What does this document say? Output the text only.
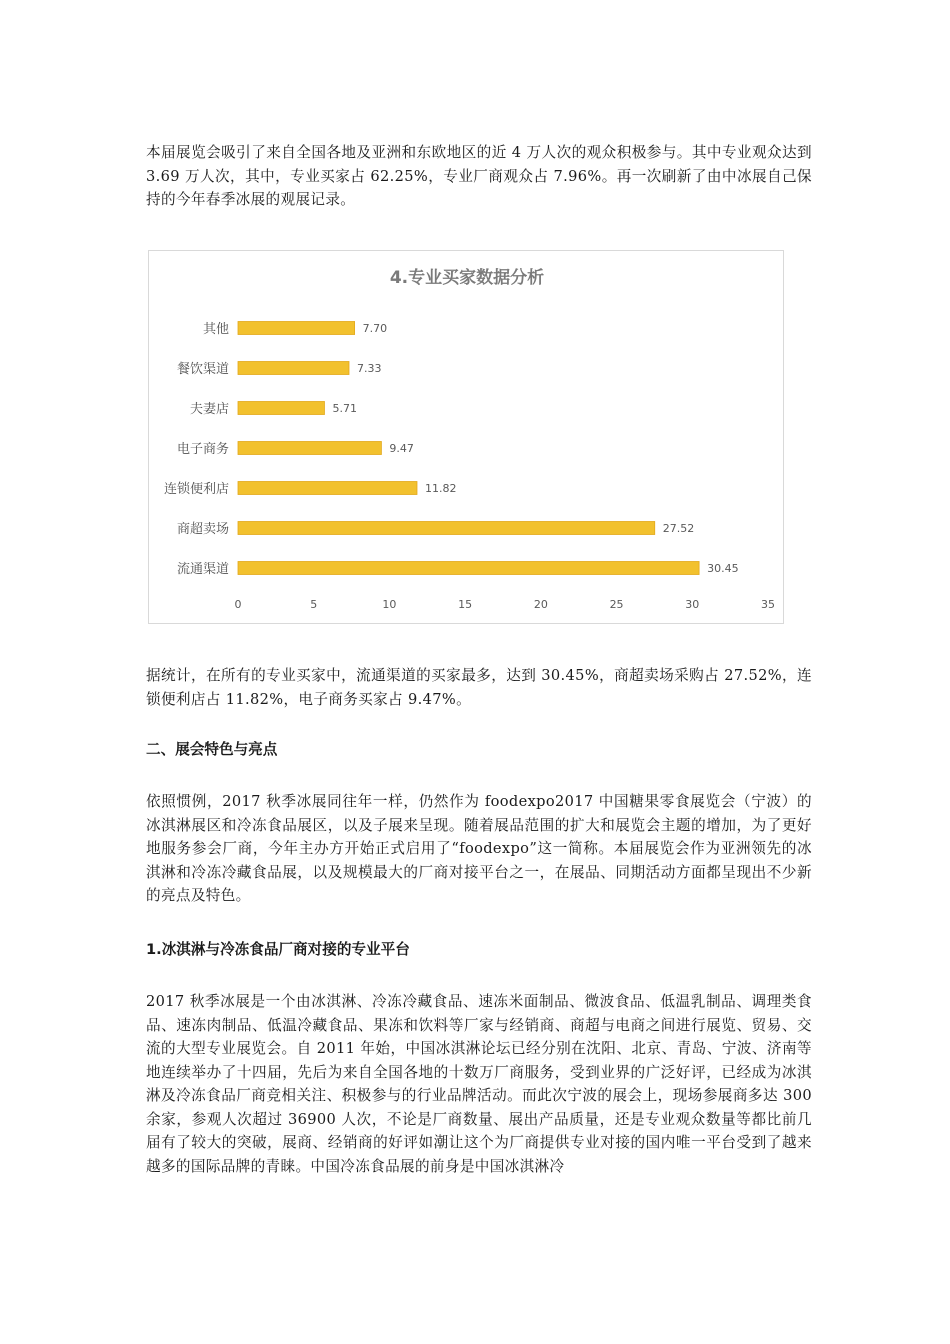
本届展览会吸引了来自全国各地及亚洲和东欧地区的近 4 万人次的观众积极参与。其中专业观众达到 3.69 万人次，其中，专业买家占 62.25%，专业厂商观众占 7.96%。再一次刷新了由中冰展自己保持的今年春季冰展的观展记录。

4.专业买家数据分析
其他	7.70
餐饮渠道	7.33
夫妻店	5.71
电子商务	9.47
连锁便利店	11.82
商超卖场	27.52
流通渠道	30.45
0	5	10	15	20	25	30	35

据统计，在所有的专业买家中，流通渠道的买家最多，达到 30.45%，商超卖场采购占 27.52%，连锁便利店占 11.82%，电子商务买家占 9.47%。

二、展会特色与亮点

依照惯例，2017 秋季冰展同往年一样，仍然作为 foodexpo2017 中国糖果零食展览会（宁波）的冰淇淋展区和冷冻食品展区，以及子展来呈现。随着展品范围的扩大和展览会主题的增加，为了更好地服务参会厂商，今年主办方开始正式启用了“foodexpo”这一简称。本届展览会作为亚洲领先的冰淇淋和冷冻冷藏食品展，以及规模最大的厂商对接平台之一，在展品、同期活动方面都呈现出不少新的亮点及特色。

1.冰淇淋与冷冻食品厂商对接的专业平台

2017 秋季冰展是一个由冰淇淋、冷冻冷藏食品、速冻米面制品、微波食品、低温乳制品、调理类食品、速冻肉制品、低温冷藏食品、果冻和饮料等厂家与经销商、商超与电商之间进行展览、贸易、交流的大型专业展览会。自 2011 年始，中国冰淇淋论坛已经分别在沈阳、北京、青岛、宁波、济南等地连续举办了十四届，先后为来自全国各地的十数万厂商服务，受到业界的广泛好评，已经成为冰淇淋及冷冻食品厂商竞相关注、积极参与的行业品牌活动。而此次宁波的展会上，现场参展商多达 300 余家，参观人次超过 36900 人次，不论是厂商数量、展出产品质量，还是专业观众数量等都比前几届有了较大的突破，展商、经销商的好评如潮让这个为厂商提供专业对接的国内唯一平台受到了越来越多的国际品牌的青睐。中国冷冻食品展的前身是中国冰淇淋冷
